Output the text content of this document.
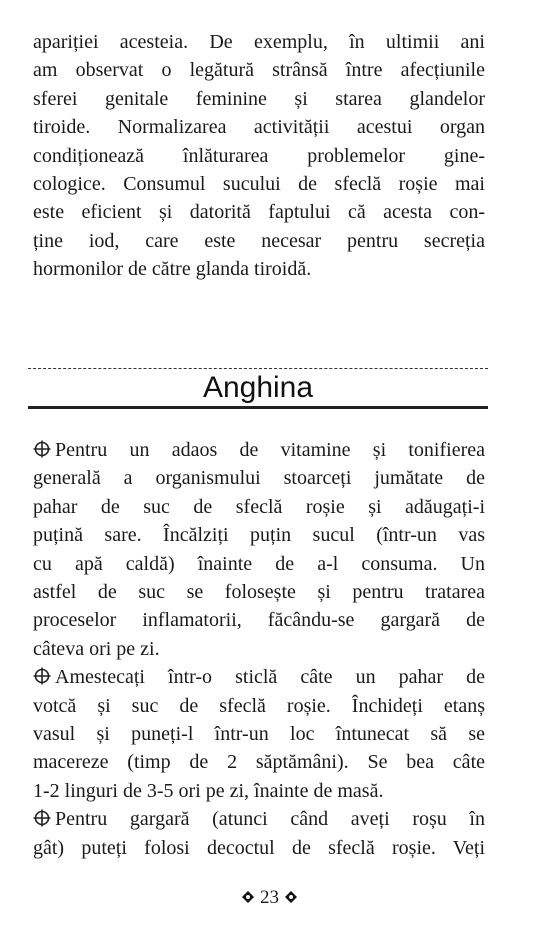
apariției acesteia. De exemplu, în ultimii ani
am observat o legătură strânsă între afecțiunile
sferei genitale feminine și starea glandelor
tiroide. Normalizarea activității acestui organ
condiționează înlăturarea problemelor gine-
cologice. Consumul sucului de sfeclă roșie mai
este eficient și datorită faptului că acesta con-
ține iod, care este necesar pentru secreția
hormonilor de către glanda tiroidă.
Anghina
Pentru un adaos de vitamine și tonifierea
generală a organismului stoarceți jumătate de
pahar de suc de sfeclă roșie și adăugați-i
puțină sare. Încălziți puțin sucul (într-un vas
cu apă caldă) înainte de a-l consuma. Un
astfel de suc se folosește și pentru tratarea
proceselor inflamatorii, făcându-se gargară de
câteva ori pe zi.
Amestecați într-o sticlă câte un pahar de
votcă și suc de sfeclă roșie. Închideți etanș
vasul și puneți-l într-un loc întunecat să se
macereze (timp de 2 săptămâni). Se bea câte
1-2 linguri de 3-5 ori pe zi, înainte de masă.
Pentru gargară (atunci când aveți roșu în
gât) puteți folosi decoctul de sfeclă roșie. Veți
23
